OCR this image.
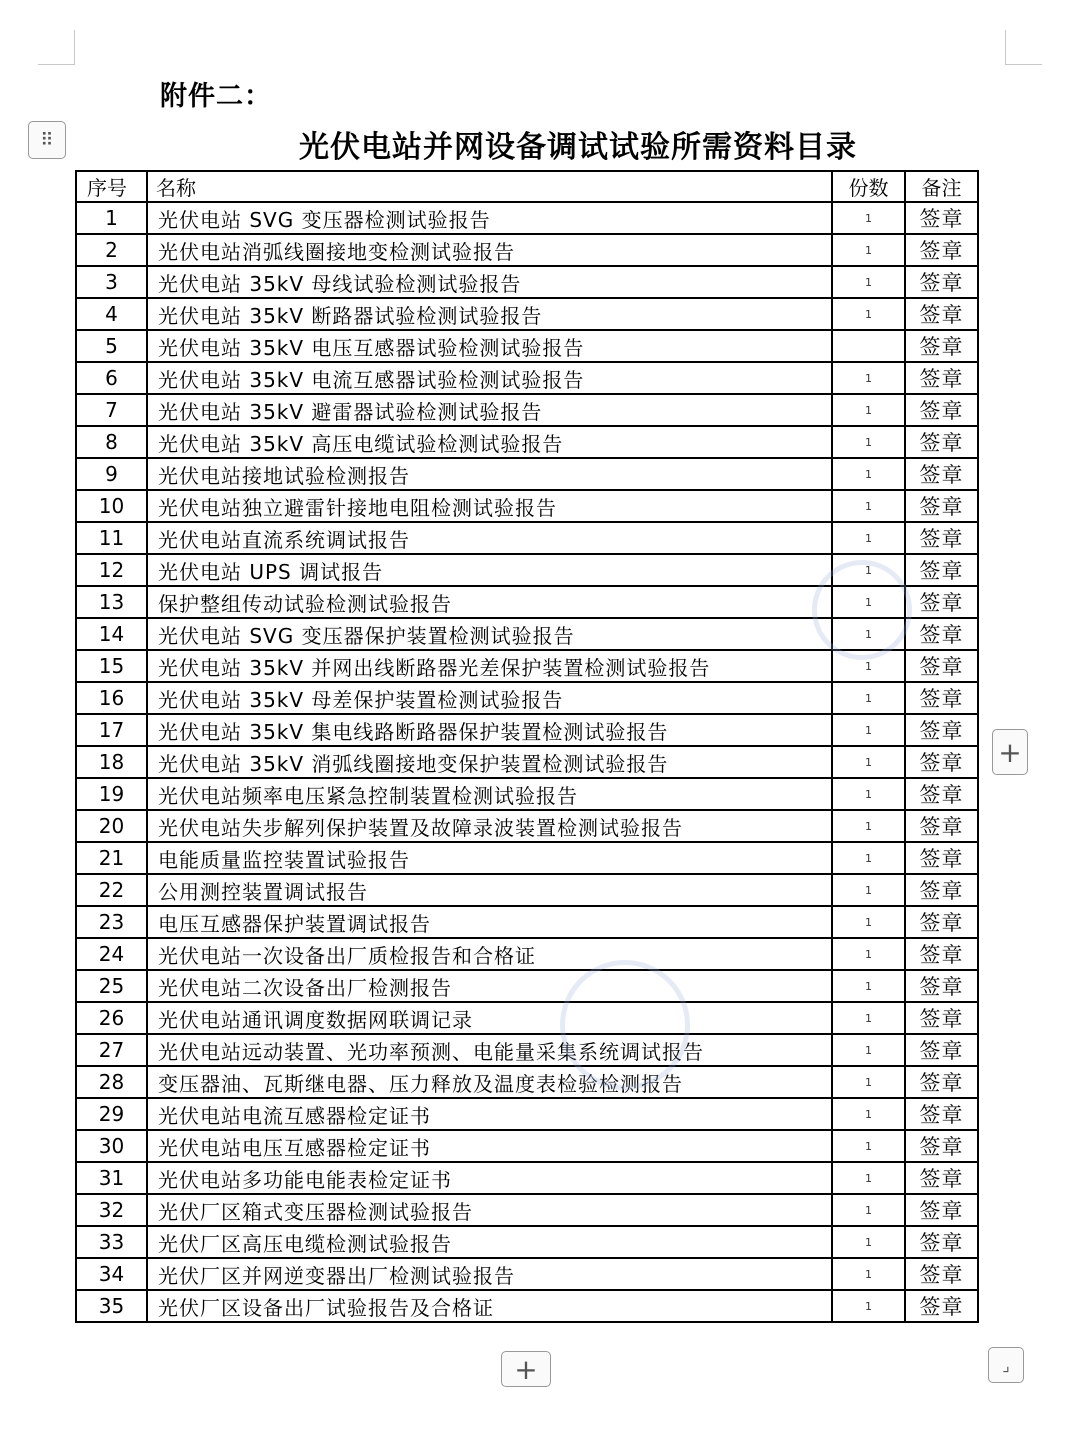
附件二：
光伏电站并网设备调试试验所需资料目录
⠿
序号	名称	份数	备注
1	光伏电站 SVG 变压器检测试验报告	1	签章
2	光伏电站消弧线圈接地变检测试验报告	1	签章
3	光伏电站 35kV 母线试验检测试验报告	1	签章
4	光伏电站 35kV 断路器试验检测试验报告	1	签章
5	光伏电站 35kV 电压互感器试验检测试验报告		签章
6	光伏电站 35kV 电流互感器试验检测试验报告	1	签章
7	光伏电站 35kV 避雷器试验检测试验报告	1	签章
8	光伏电站 35kV 高压电缆试验检测试验报告	1	签章
9	光伏电站接地试验检测报告	1	签章
10	光伏电站独立避雷针接地电阻检测试验报告	1	签章
11	光伏电站直流系统调试报告	1	签章
12	光伏电站 UPS 调试报告	1	签章
13	保护整组传动试验检测试验报告	1	签章
14	光伏电站 SVG 变压器保护装置检测试验报告	1	签章
15	光伏电站 35kV 并网出线断路器光差保护装置检测试验报告	1	签章
16	光伏电站 35kV 母差保护装置检测试验报告	1	签章
17	光伏电站 35kV 集电线路断路器保护装置检测试验报告	1	签章
18	光伏电站 35kV 消弧线圈接地变保护装置检测试验报告	1	签章
19	光伏电站频率电压紧急控制装置检测试验报告	1	签章
20	光伏电站失步解列保护装置及故障录波装置检测试验报告	1	签章
21	电能质量监控装置试验报告	1	签章
22	公用测控装置调试报告	1	签章
23	电压互感器保护装置调试报告	1	签章
24	光伏电站一次设备出厂质检报告和合格证	1	签章
25	光伏电站二次设备出厂检测报告	1	签章
26	光伏电站通讯调度数据网联调记录	1	签章
27	光伏电站远动装置、光功率预测、电能量采集系统调试报告	1	签章
28	变压器油、瓦斯继电器、压力释放及温度表检验检测报告	1	签章
29	光伏电站电流互感器检定证书	1	签章
30	光伏电站电压互感器检定证书	1	签章
31	光伏电站多功能电能表检定证书	1	签章
32	光伏厂区箱式变压器检测试验报告	1	签章
33	光伏厂区高压电缆检测试验报告	1	签章
34	光伏厂区并网逆变器出厂检测试验报告	1	签章
35	光伏厂区设备出厂试验报告及合格证	1	签章
+
+	⌟
